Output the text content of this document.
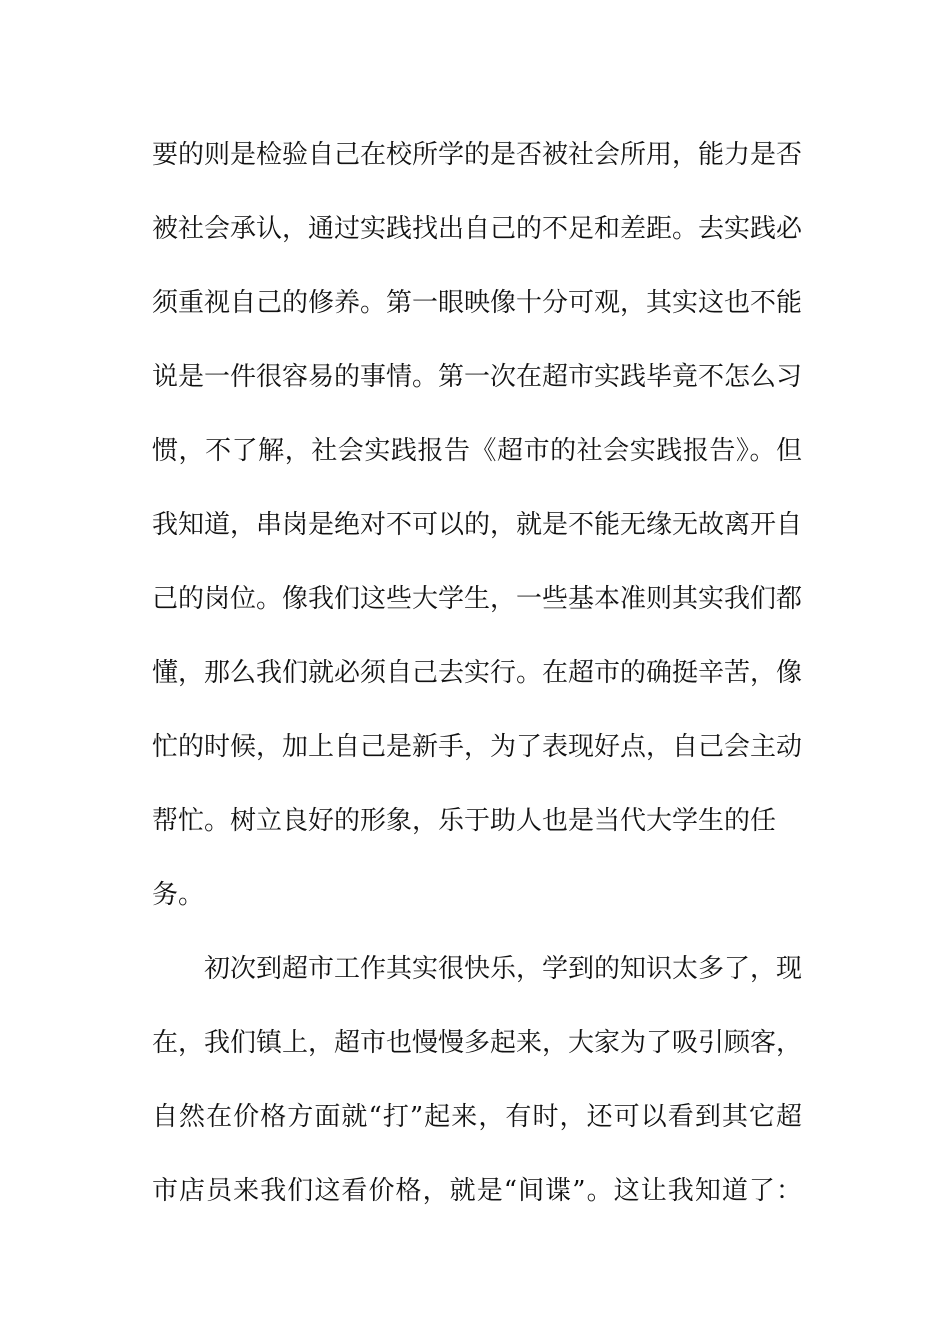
要的则是检验自己在校所学的是否被社会所用，能力是否
被社会承认，通过实践找出自己的不足和差距。去实践必
须重视自己的修养。第一眼映像十分可观，其实这也不能
说是一件很容易的事情。第一次在超市实践毕竟不怎么习
惯，不了解，社会实践报告《超市的社会实践报告》。但
我知道，串岗是绝对不可以的，就是不能无缘无故离开自
己的岗位。像我们这些大学生，一些基本准则其实我们都
懂，那么我们就必须自己去实行。在超市的确挺辛苦，像
忙的时候，加上自己是新手，为了表现好点，自己会主动
帮忙。树立良好的形象，乐于助人也是当代大学生的任
务。
初次到超市工作其实很快乐，学到的知识太多了，现
在，我们镇上，超市也慢慢多起来，大家为了吸引顾客，
自然在价格方面就“打”起来，有时，还可以看到其它超
市店员来我们这看价格，就是“间谍”。这让我知道了：
